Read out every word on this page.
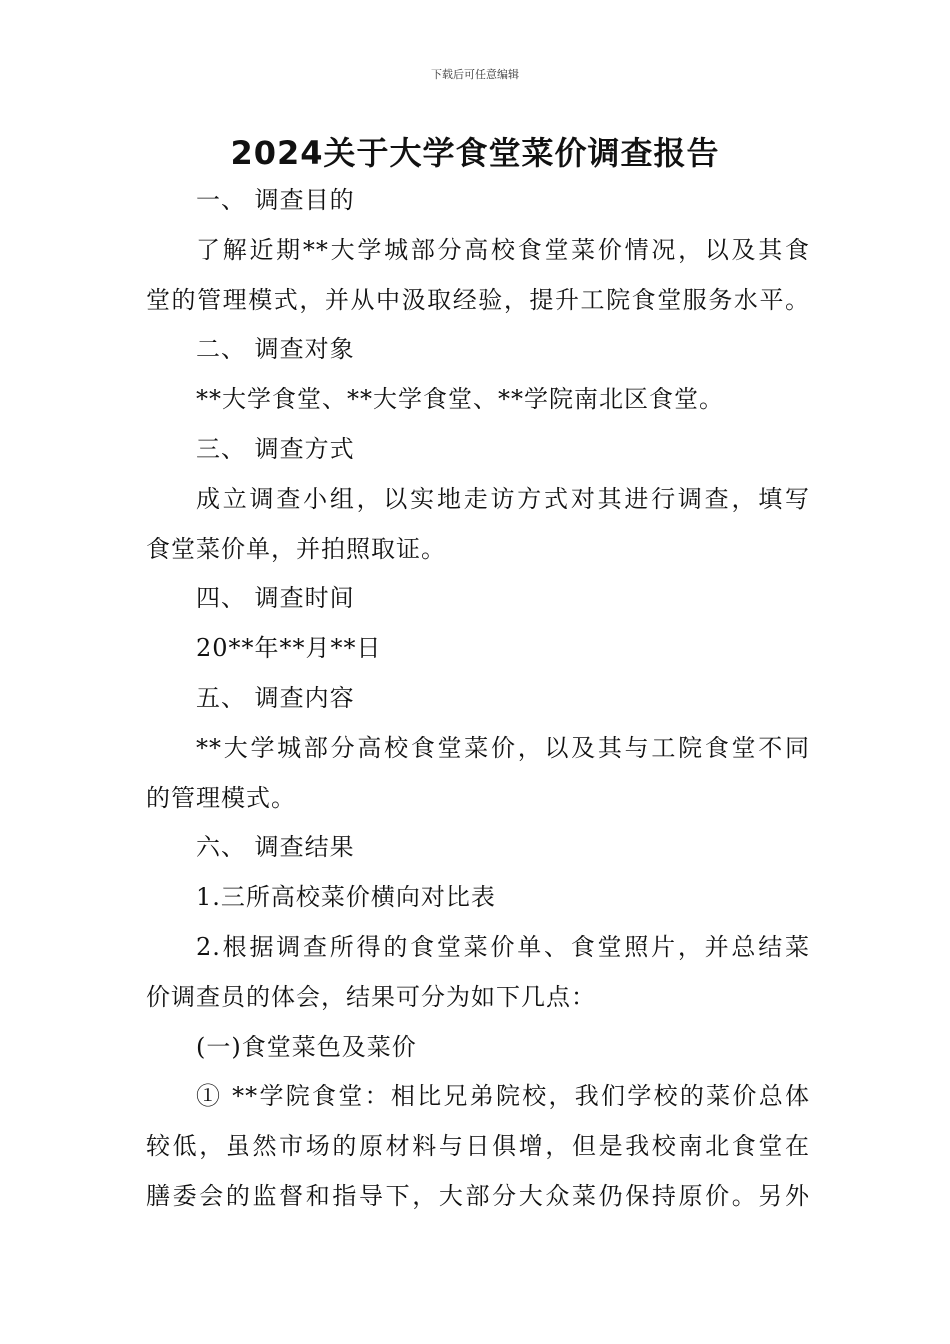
下载后可任意编辑
2024关于大学食堂菜价调查报告
一、 调查目的
了解近期**大学城部分高校食堂菜价情况，以及其食
堂的管理模式，并从中汲取经验，提升工院食堂服务水平。
二、 调查对象
**大学食堂、**大学食堂、**学院南北区食堂。
三、 调查方式
成立调查小组，以实地走访方式对其进行调查，填写
食堂菜价单，并拍照取证。
四、 调查时间
20**年**月**日
五、 调查内容
**大学城部分高校食堂菜价，以及其与工院食堂不同
的管理模式。
六、 调查结果
1.三所高校菜价横向对比表
2.根据调查所得的食堂菜价单、食堂照片，并总结菜
价调查员的体会，结果可分为如下几点：
(一)食堂菜色及菜价
① **学院食堂：相比兄弟院校，我们学校的菜价总体
较低，虽然市场的原材料与日俱增，但是我校南北食堂在
膳委会的监督和指导下，大部分大众菜仍保持原价。另外
